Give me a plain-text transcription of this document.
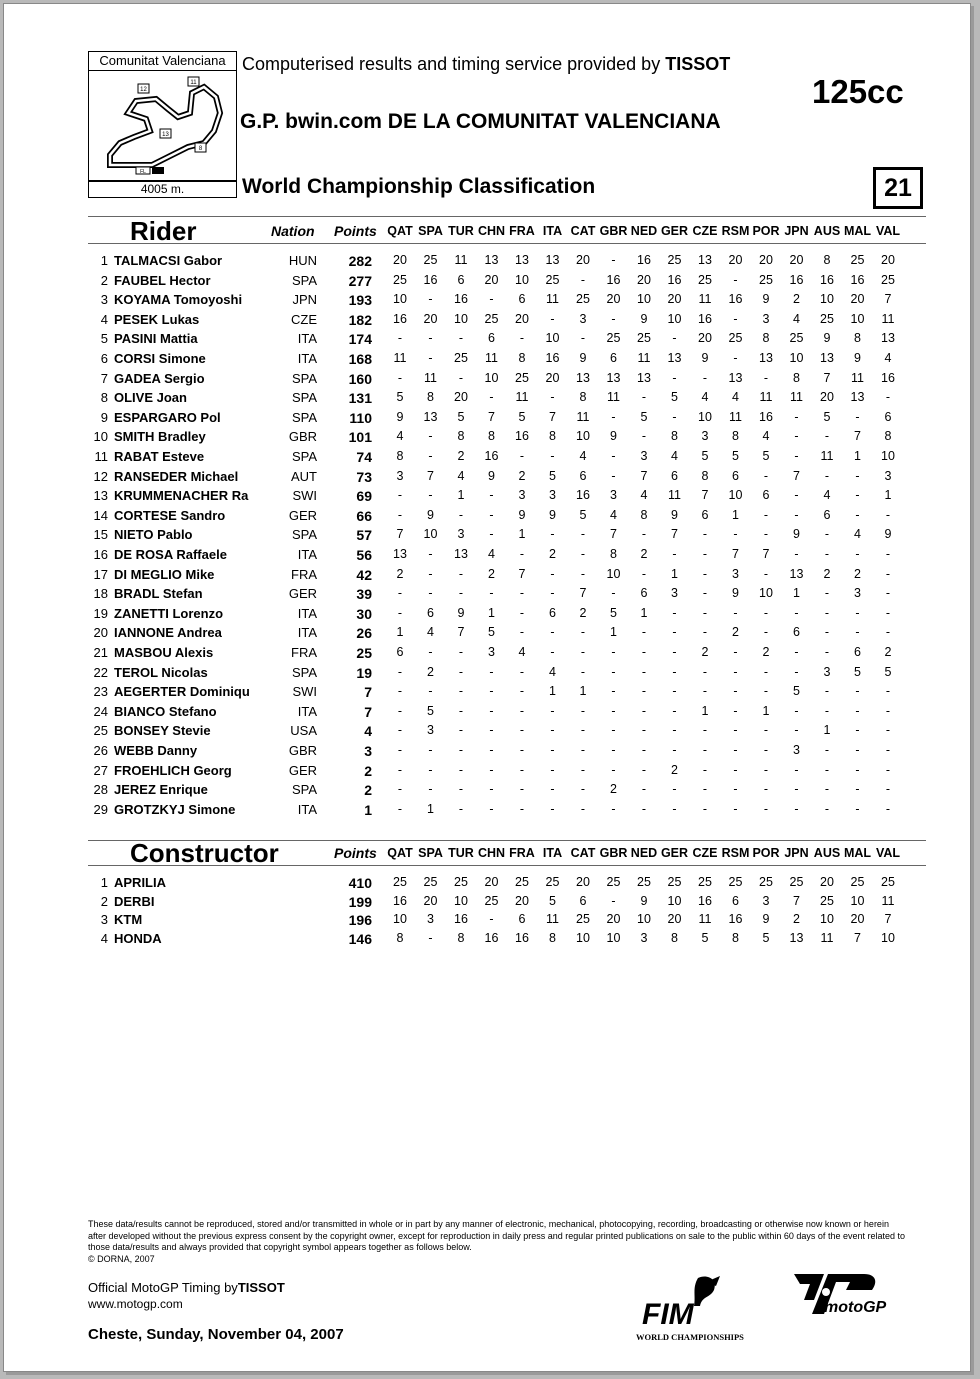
Comunitat Valenciana
12
11
13
8
FL
4005 m.
Computerised results and timing service provided by TISSOT
125cc
G.P. bwin.com DE LA COMUNITAT VALENCIANA
World Championship Classification	21
Rider	Nation Points QAT SPA TUR CHN FRA ITA CAT GBR NED GER CZE RSM POR JPN AUS MAL VAL
1 TALMACSI Gabor	HUN	282	20	25	11	13	13	13	20	-	16	25	13	20	20	20	8	25	20
2 FAUBEL Hector	SPA	277	25	16	6	20	10	25	-	16	20	16	25	-	25	16	16	16	25
3 KOYAMA Tomoyoshi	JPN	193	10	-	16	-	6	11	25	20	10	20	11	16	9	2	10	20	7
4 PESEK Lukas	CZE	182	16	20	10	25	20	-	3	-	9	10	16	-	3	4	25	10	11
5 PASINI Mattia	ITA	174	-	-	-	6	-	10	-	25	25	-	20	25	8	25	9	8	13
6 CORSI Simone	ITA	168	11	-	25	11	8	16	9	6	11	13	9	-	13	10	13	9	4
7 GADEA Sergio	SPA	160	-	11	-	10	25	20	13	13	13	-	-	13	-	8	7	11	16
8 OLIVE Joan	SPA	131	5	8	20	-	11	-	8	11	-	5	4	4	11	11	20	13	-
9 ESPARGARO Pol	SPA	110	9	13	5	7	5	7	11	-	5	-	10	11	16	-	5	-	6
10 SMITH Bradley	GBR	101	4	-	8	8	16	8	10	9	-	8	3	8	4	-	-	7	8
11 RABAT Esteve	SPA	74	8	-	2	16	-	-	4	-	3	4	5	5	5	-	11	1	10
12 RANSEDER Michael	AUT	73	3	7	4	9	2	5	6	-	7	6	8	6	-	7	-	-	3
13 KRUMMENACHER Ra	SWI	69	-	-	1	-	3	3	16	3	4	11	7	10	6	-	4	-	1
14 CORTESE Sandro	GER	66	-	9	-	-	9	9	5	4	8	9	6	1	-	-	6	-	-
15 NIETO Pablo	SPA	57	7	10	3	-	1	-	-	7	-	7	-	-	-	9	-	4	9
16 DE ROSA Raffaele	ITA	56	13	-	13	4	-	2	-	8	2	-	-	7	7	-	-	-	-
17 DI MEGLIO Mike	FRA	42	2	-	-	2	7	-	-	10	-	1	-	3	-	13	2	2	-
18 BRADL Stefan	GER	39	-	-	-	-	-	-	7	-	6	3	-	9	10	1	-	3	-
19 ZANETTI Lorenzo	ITA	30	-	6	9	1	-	6	2	5	1	-	-	-	-	-	-	-	-
20 IANNONE Andrea	ITA	26	1	4	7	5	-	-	-	1	-	-	-	2	-	6	-	-	-
21 MASBOU Alexis	FRA	25	6	-	-	3	4	-	-	-	-	-	2	-	2	-	-	6	2
22 TEROL Nicolas	SPA	19	-	2	-	-	-	4	-	-	-	-	-	-	-	-	3	5	5
23 AEGERTER Dominiqu	SWI	7	-	-	-	-	-	1	1	-	-	-	-	-	-	5	-	-	-
24 BIANCO Stefano	ITA	7	-	5	-	-	-	-	-	-	-	-	1	-	1	-	-	-	-
25 BONSEY Stevie	USA	4	-	3	-	-	-	-	-	-	-	-	-	-	-	-	1	-	-
26 WEBB Danny	GBR	3	-	-	-	-	-	-	-	-	-	-	-	-	-	3	-	-	-
27 FROEHLICH Georg	GER	2	-	-	-	-	-	-	-	-	-	2	-	-	-	-	-	-	-
28 JEREZ Enrique	SPA	2	-	-	-	-	-	-	-	2	-	-	-	-	-	-	-	-	-
29 GROTZKYJ Simone	ITA	1	-	1	-	-	-	-	-	-	-	-	-	-	-	-	-	-	-
Constructor	Points QAT SPA TUR CHN FRA ITA CAT GBR NED GER CZE RSM POR JPN AUS MAL VAL
1 APRILIA	410	25	25	25	20	25	25	20	25	25	25	25	25	25	25	20	25	25
2 DERBI	199	16	20	10	25	20	5	6	-	9	10	16	6	3	7	25	10	11
3 KTM	196	10	3	16	-	6	11	25	20	10	20	11	16	9	2	10	20	7
4 HONDA	146	8	-	8	16	16	8	10	10	3	8	5	8	5	13	11	7	10
These data/results cannot be reproduced, stored and/or transmitted in whole or in part by any manner of electronic, mechanical, photocopying, recording, broadcasting or otherwise now known or herein after developed without the previous express consent by the copyright owner, except for reproduction in daily press and regular printed publications on sale to the public within 60 days of the event related to those data/results and always provided that copyright symbol appears together as follows below.
© DORNA, 2007
Official MotoGP Timing byTISSOT
www.motogp.com
Cheste, Sunday, November 04, 2007
FIM
WORLD CHAMPIONSHIPS
motoGP
